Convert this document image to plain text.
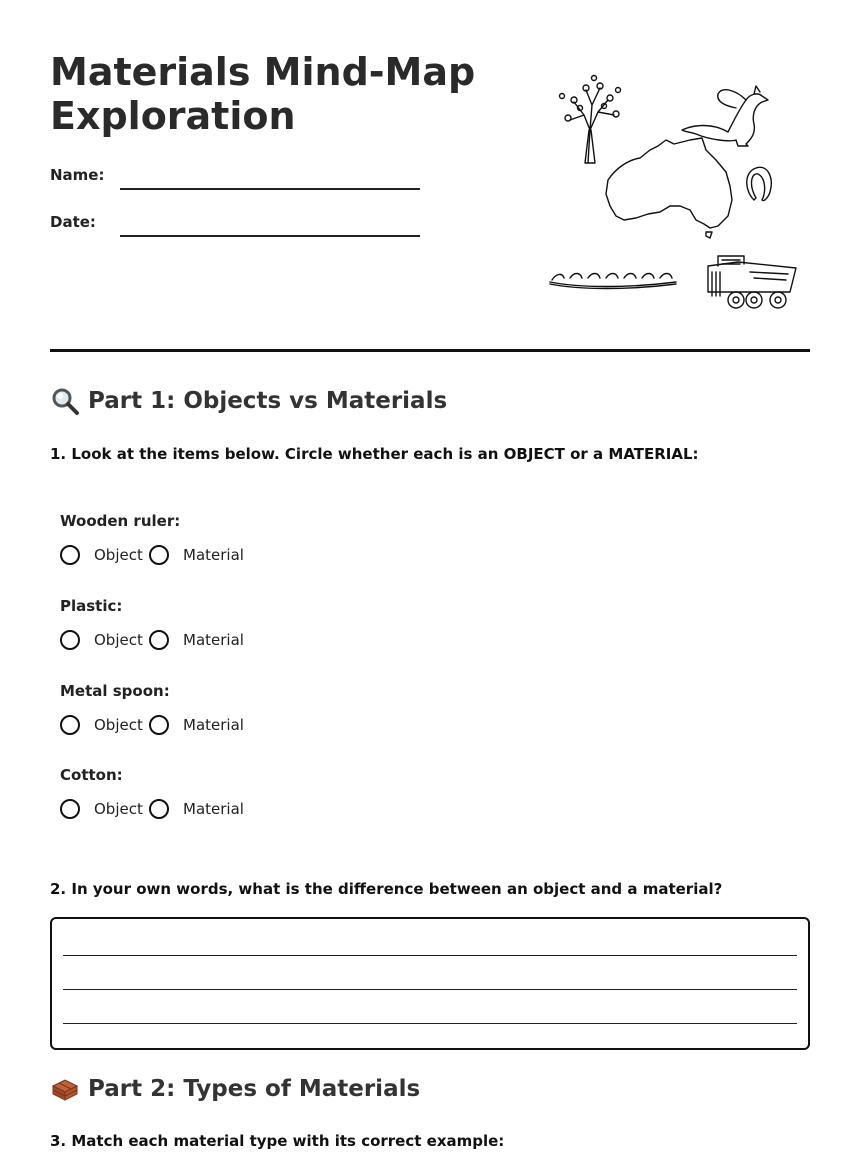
Materials Mind-Map
Exploration
Name:
Date:
Part 1: Objects vs Materials
1. Look at the items below. Circle whether each is an OBJECT or a MATERIAL:
Wooden ruler:
Object	Material
Plastic:
Object	Material
Metal spoon:
Object	Material
Cotton:
Object	Material
2. In your own words, what is the difference between an object and a material?
Part 2: Types of Materials
3. Match each material type with its correct example:
